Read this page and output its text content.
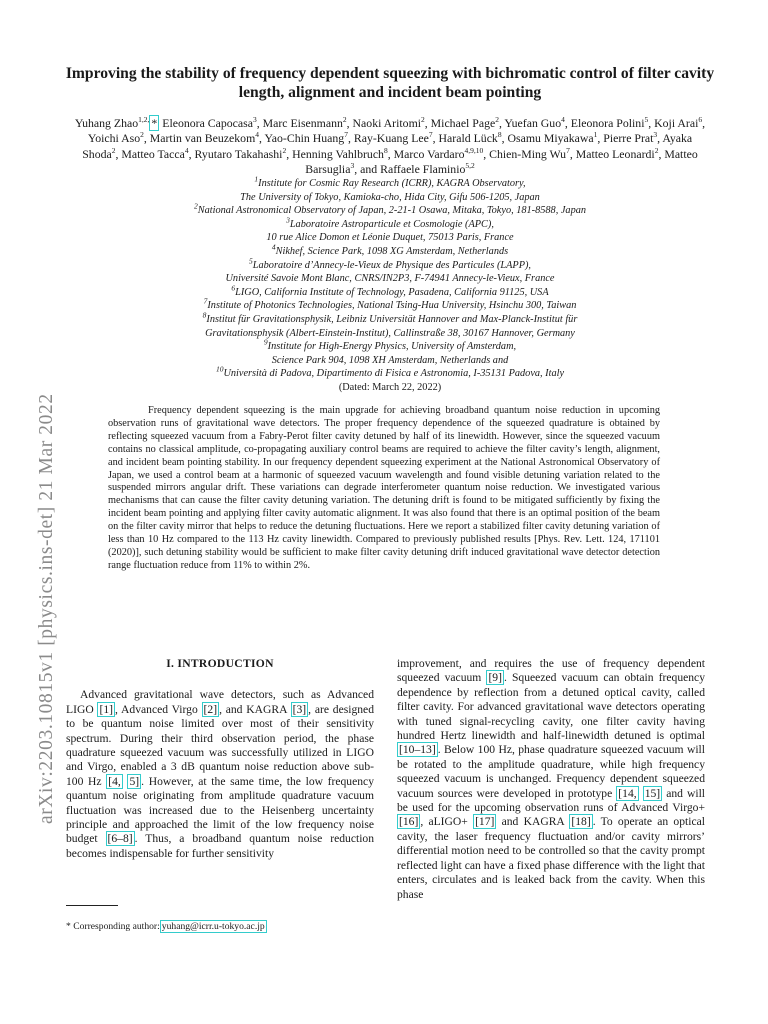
arXiv:2203.10815v1 [physics.ins-det] 21 Mar 2022
Improving the stability of frequency dependent squeezing with bichromatic control of filter cavity length, alignment and incident beam pointing
Yuhang Zhao$^{1,2,}$ * Eleonora Capocasa$^3$, Marc Eisenmann$^2$, Naoki Aritomi$^2$, Michael Page$^2$, Yuefan Guo$^4$, Eleonora Polini$^5$, Koji Arai$^6$, Yoichi Aso$^2$, Martin van Beuzekom$^4$, Yao-Chin Huang$^7$, Ray-Kuang Lee$^7$, Harald Lück$^8$, Osamu Miyakawa$^1$, Pierre Prat$^3$, Ayaka Shoda$^2$, Matteo Tacca$^4$, Ryutaro Takahashi$^2$, Henning Vahlbruch$^8$, Marco Vardaro$^{4,9,10}$, Chien-Ming Wu$^7$, Matteo Leonardi$^2$, Matteo Barsuglia$^3$, and Raffaele Flaminio$^{5,2}$
$^1$Institute for Cosmic Ray Research (ICRR), KAGRA Observatory,
The University of Tokyo, Kamioka-cho, Hida City, Gifu 506-1205, Japan
$^2$National Astronomical Observatory of Japan, 2-21-1 Osawa, Mitaka, Tokyo, 181-8588, Japan
$^3$Laboratoire Astroparticule et Cosmologie (APC),
10 rue Alice Domon et Léonie Duquet, 75013 Paris, France
$^4$Nikhef, Science Park, 1098 XG Amsterdam, Netherlands
$^5$Laboratoire d’Annecy-le-Vieux de Physique des Particules (LAPP),
Université Savoie Mont Blanc, CNRS/IN2P3, F-74941 Annecy-le-Vieux, France
$^6$LIGO, California Institute of Technology, Pasadena, California 91125, USA
$^7$Institute of Photonics Technologies, National Tsing-Hua University, Hsinchu 300, Taiwan
$^8$Institut für Gravitationsphysik, Leibniz Universität Hannover and Max-Planck-Institut für
Gravitationsphysik (Albert-Einstein-Institut), Callinstraße 38, 30167 Hannover, Germany
$^9$Institute for High-Energy Physics, University of Amsterdam,
Science Park 904, 1098 XH Amsterdam, Netherlands and
$^{10}$Università di Padova, Dipartimento di Fisica e Astronomia, I-35131 Padova, Italy
(Dated: March 22, 2022)
Frequency dependent squeezing is the main upgrade for achieving broadband quantum noise reduction in upcoming observation runs of gravitational wave detectors. The proper frequency dependence of the squeezed quadrature is obtained by reflecting squeezed vacuum from a Fabry-Perot filter cavity detuned by half of its linewidth. However, since the squeezed vacuum contains no classical amplitude, co-propagating auxiliary control beams are required to achieve the filter cavity’s length, alignment, and incident beam pointing stability. In our frequency dependent squeezing experiment at the National Astronomical Observatory of Japan, we used a control beam at a harmonic of squeezed vacuum wavelength and found visible detuning variation related to the suspended mirrors angular drift. These variations can degrade interferometer quantum noise reduction. We investigated various mechanisms that can cause the filter cavity detuning variation. The detuning drift is found to be mitigated sufficiently by fixing the incident beam pointing and applying filter cavity automatic alignment. It was also found that there is an optimal position of the beam on the filter cavity mirror that helps to reduce the detuning fluctuations. Here we report a stabilized filter cavity detuning variation of less than 10 Hz compared to the 113 Hz cavity linewidth. Compared to previously published results [Phys. Rev. Lett. 124, 171101 (2020)], such detuning stability would be sufficient to make filter cavity detuning drift induced gravitational wave detector detection range fluctuation reduce from 11% to within 2%.
I. INTRODUCTION

Advanced gravitational wave detectors, such as Advanced LIGO [1] , Advanced Virgo [2] , and KAGRA [3] , are designed to be quantum noise limited over most of their sensitivity spectrum. During their third observation period, the phase quadrature squeezed vacuum was successfully utilized in LIGO and Virgo, enabled a 3 dB quantum noise reduction above sub-100 Hz [4, 5] . However, at the same time, the low frequency quantum noise originating from amplitude quadrature vacuum fluctuation was increased due to the Heisenberg uncertainty principle and approached the limit of the low frequency noise budget [6–8] . Thus, a broadband quantum noise reduction becomes indispensable for further sensitivity

improvement, and requires the use of frequency dependent squeezed vacuum [9] . Squeezed vacuum can obtain frequency dependence by reflection from a detuned optical cavity, called filter cavity. For advanced gravitational wave detectors operating with tuned signal-recycling cavity, one filter cavity having hundred Hertz linewidth and half-linewidth detuned is optimal [10–13] . Below 100 Hz, phase quadrature squeezed vacuum will be rotated to the amplitude quadrature, while high frequency squeezed vacuum is unchanged. Frequency dependent squeezed vacuum sources were developed in prototype [14, 15] and will be used for the upcoming observation runs of Advanced Virgo+ [16] , aLIGO+ [17] and KAGRA [18] . To operate an optical cavity, the laser frequency fluctuation and/or cavity mirrors’ differential motion need to be controlled so that the cavity prompt reflected light can have a fixed phase difference with the light that enters, circulates and is leaked back from the cavity. When this phase

* Corresponding author: yuhang@icrr.u-tokyo.ac.jp
